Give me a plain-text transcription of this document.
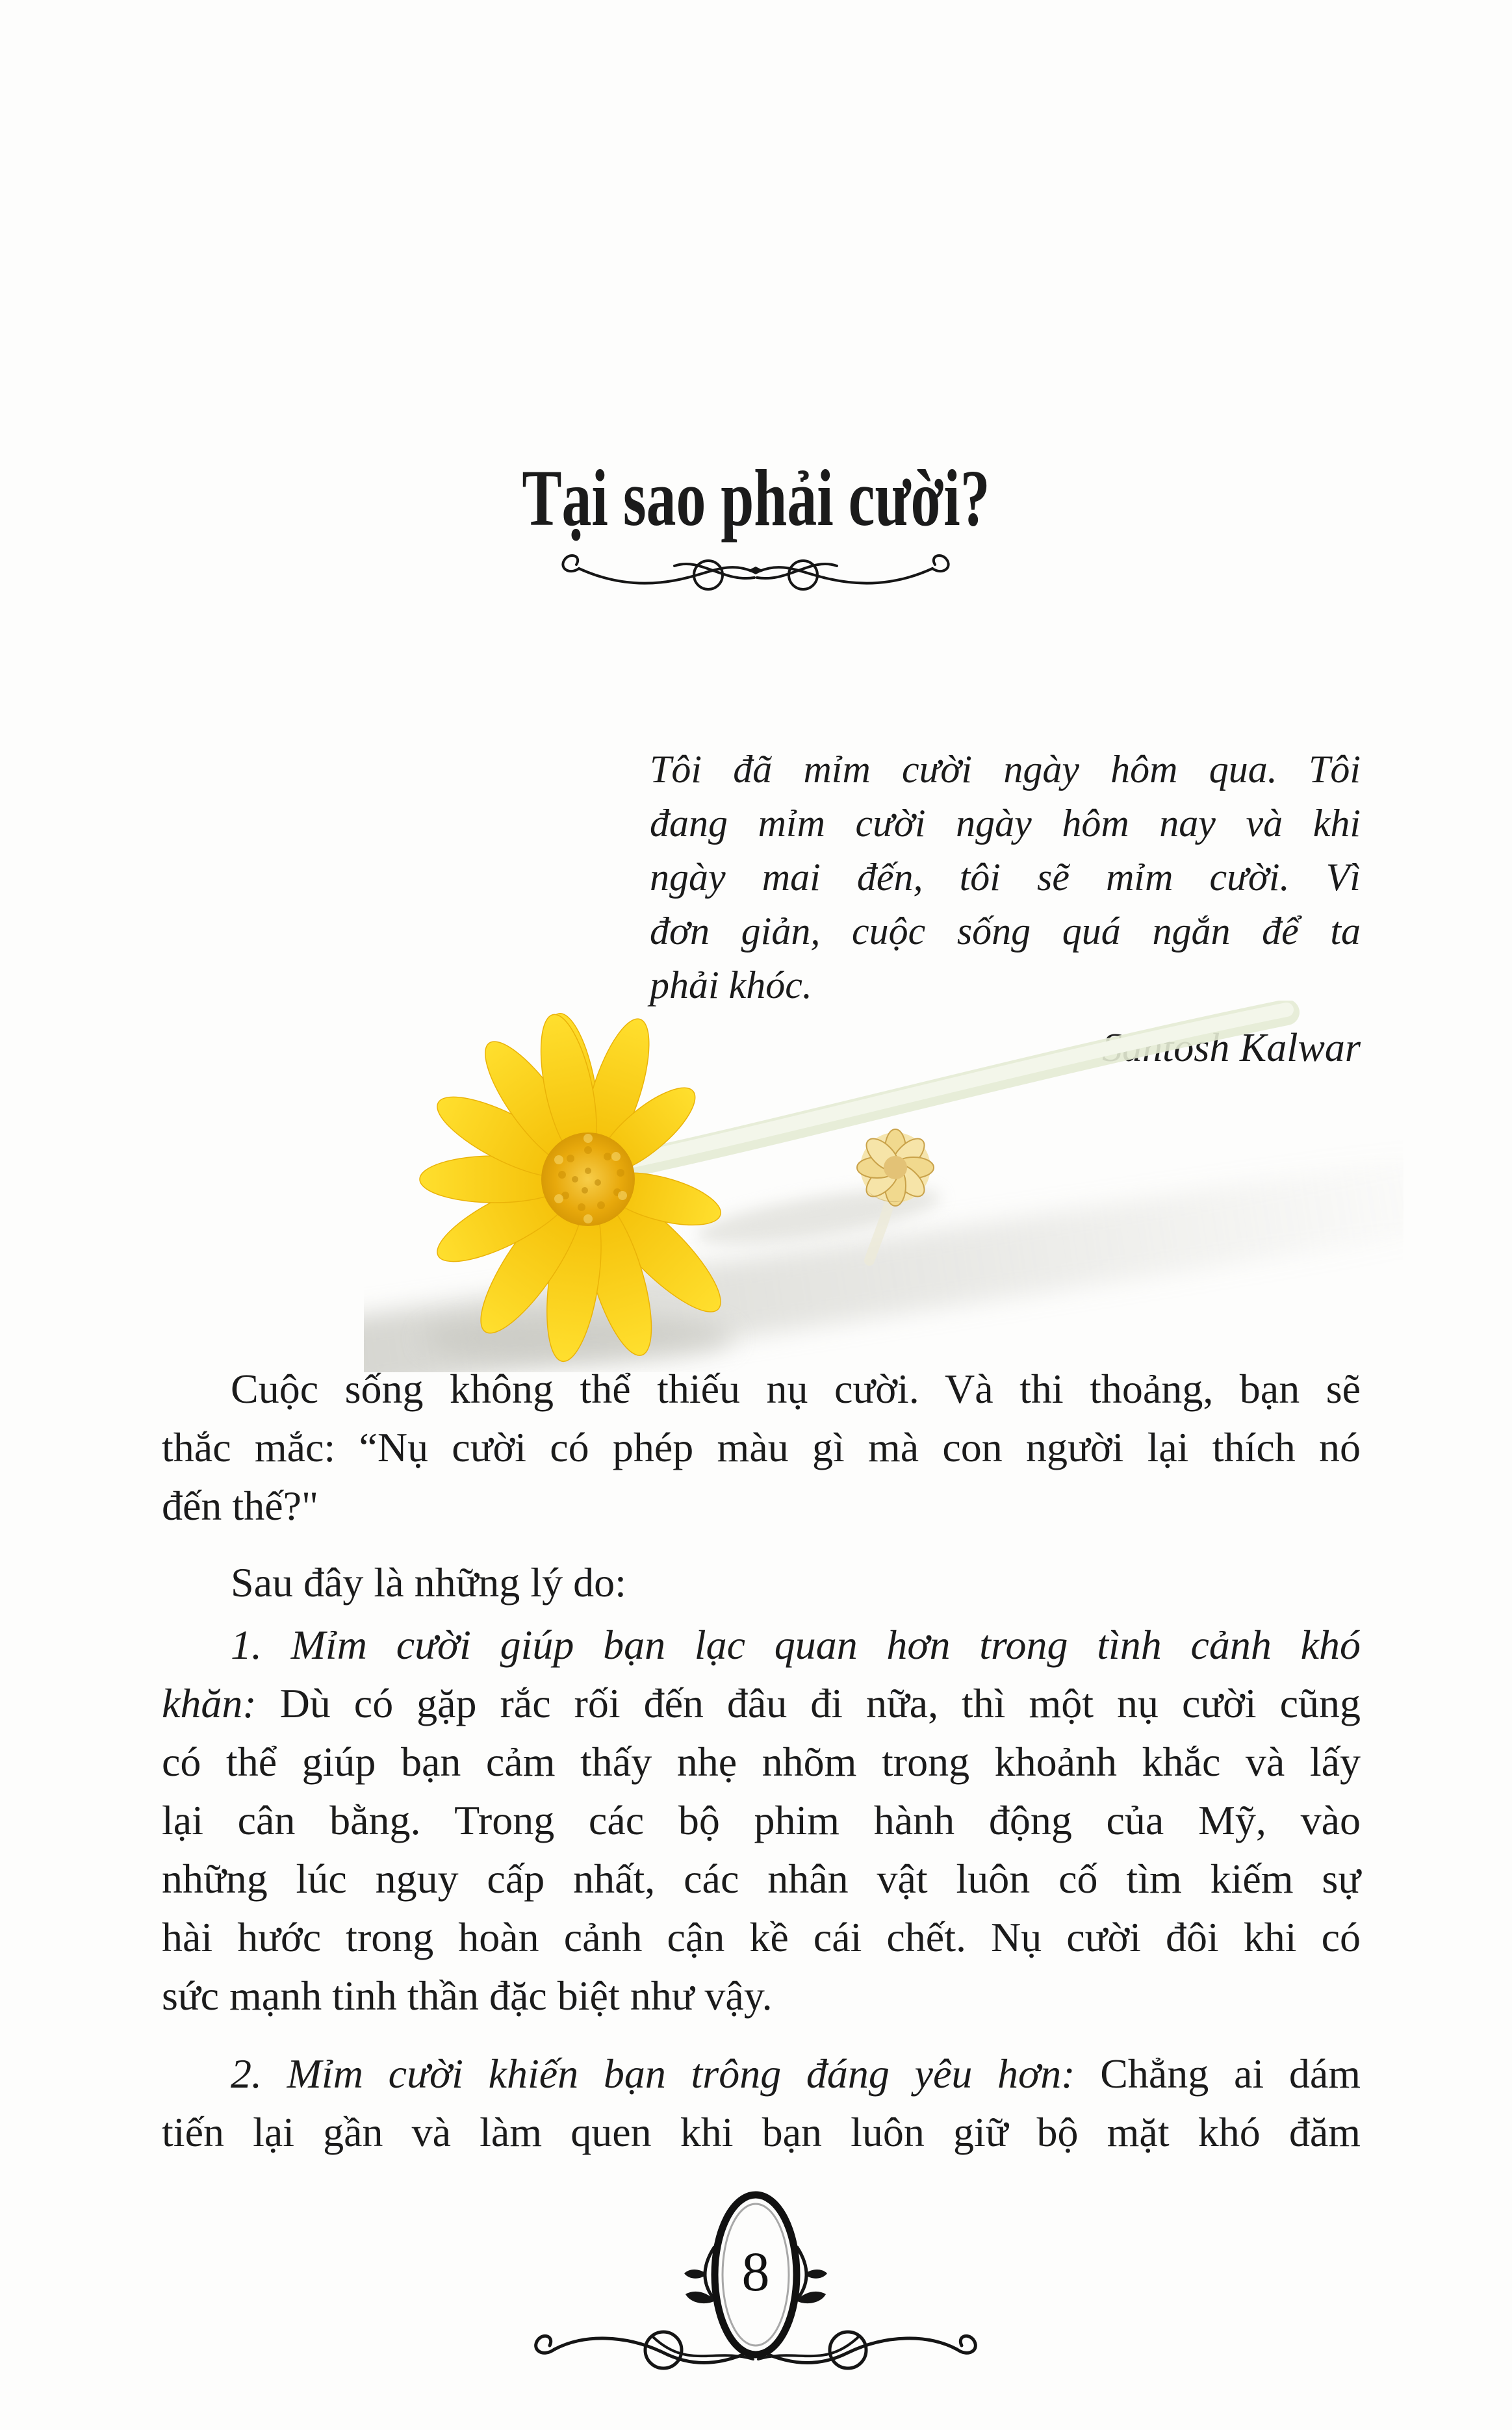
Tại sao phải cười?
Tôi đã mỉm cười ngày hôm qua. Tôi
đang mỉm cười ngày hôm nay và khi
ngày mai đến, tôi sẽ mỉm cười. Vì
đơn giản, cuộc sống quá ngắn để ta
phải khóc.
Santosh Kalwar
Cuộc sống không thể thiếu nụ cười. Và thi thoảng, bạn sẽ
thắc mắc: “Nụ cười có phép màu gì mà con người lại thích nó
đến thế?"
Sau đây là những lý do:
1. Mỉm cười giúp bạn lạc quan hơn trong tình cảnh khó
khăn: Dù có gặp rắc rối đến đâu đi nữa, thì một nụ cười cũng
có thể giúp bạn cảm thấy nhẹ nhõm trong khoảnh khắc và lấy
lại cân bằng. Trong các bộ phim hành động của Mỹ, vào
những lúc nguy cấp nhất, các nhân vật luôn cố tìm kiếm sự
hài hước trong hoàn cảnh cận kề cái chết. Nụ cười đôi khi có
sức mạnh tinh thần đặc biệt như vậy.
2. Mỉm cười khiến bạn trông đáng yêu hơn: Chẳng ai dám
tiến lại gần và làm quen khi bạn luôn giữ bộ mặt khó đăm
8
